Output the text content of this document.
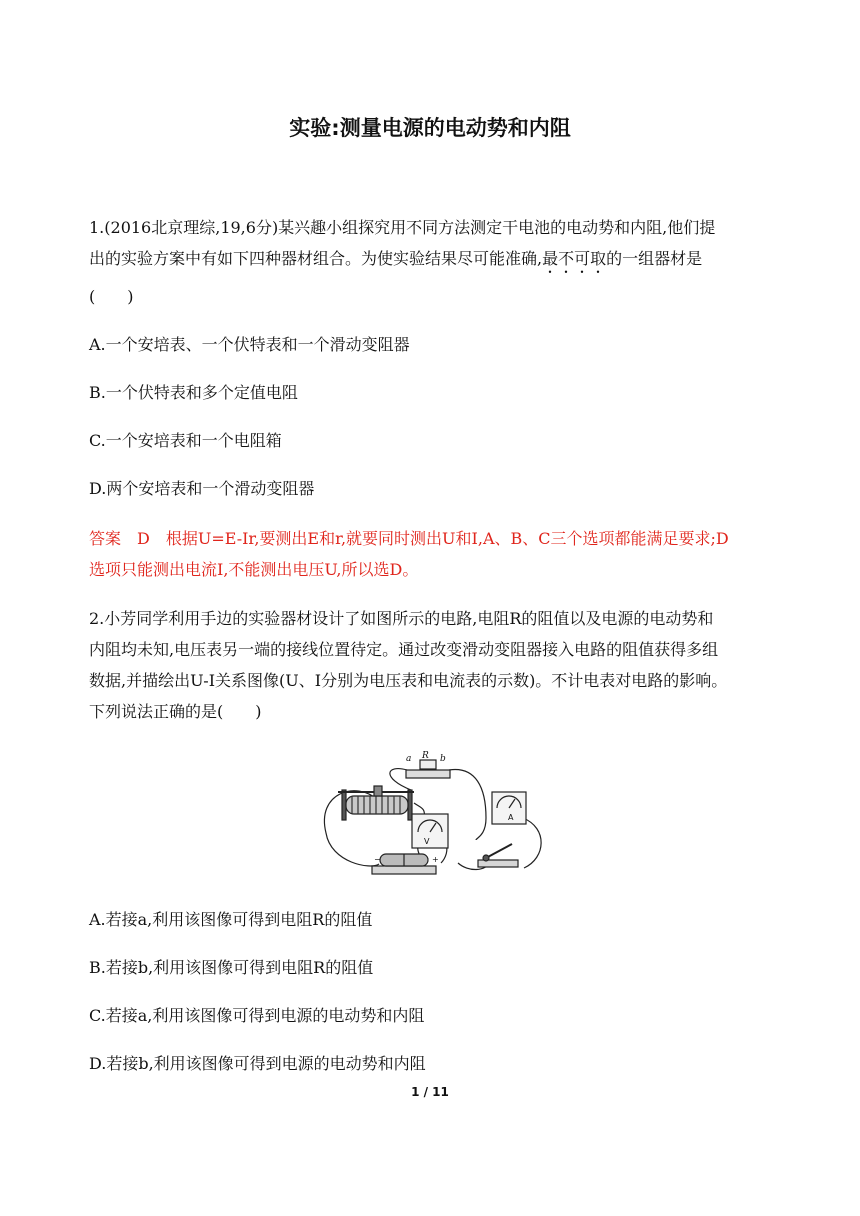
实验:测量电源的电动势和内阻

1.(2016北京理综,19,6分)某兴趣小组探究用不同方法测定干电池的电动势和内阻,他们提

出的实验方案中有如下四种器材组合。为使实验结果尽可能准确,最不可取的一组器材是

(　　)

A.一个安培表、一个伏特表和一个滑动变阻器

B.一个伏特表和多个定值电阻

C.一个安培表和一个电阻箱

D.两个安培表和一个滑动变阻器

答案　D　根据U=E-Ir,要测出E和r,就要同时测出U和I,A、B、C三个选项都能满足要求;D

选项只能测出电流I,不能测出电压U,所以选D。

2.小芳同学利用手边的实验器材设计了如图所示的电路,电阻R的阻值以及电源的电动势和

内阻均未知,电压表另一端的接线位置待定。通过改变滑动变阻器接入电路的阻值获得多组

数据,并描绘出U-I关系图像(U、I分别为电压表和电流表的示数)。不计电表对电路的影响。

下列说法正确的是(　　)

a R b
A
V
−	+

A.若接a,利用该图像可得到电阻R的阻值

B.若接b,利用该图像可得到电阻R的阻值

C.若接a,利用该图像可得到电源的电动势和内阻

D.若接b,利用该图像可得到电源的电动势和内阻

1 / 11
